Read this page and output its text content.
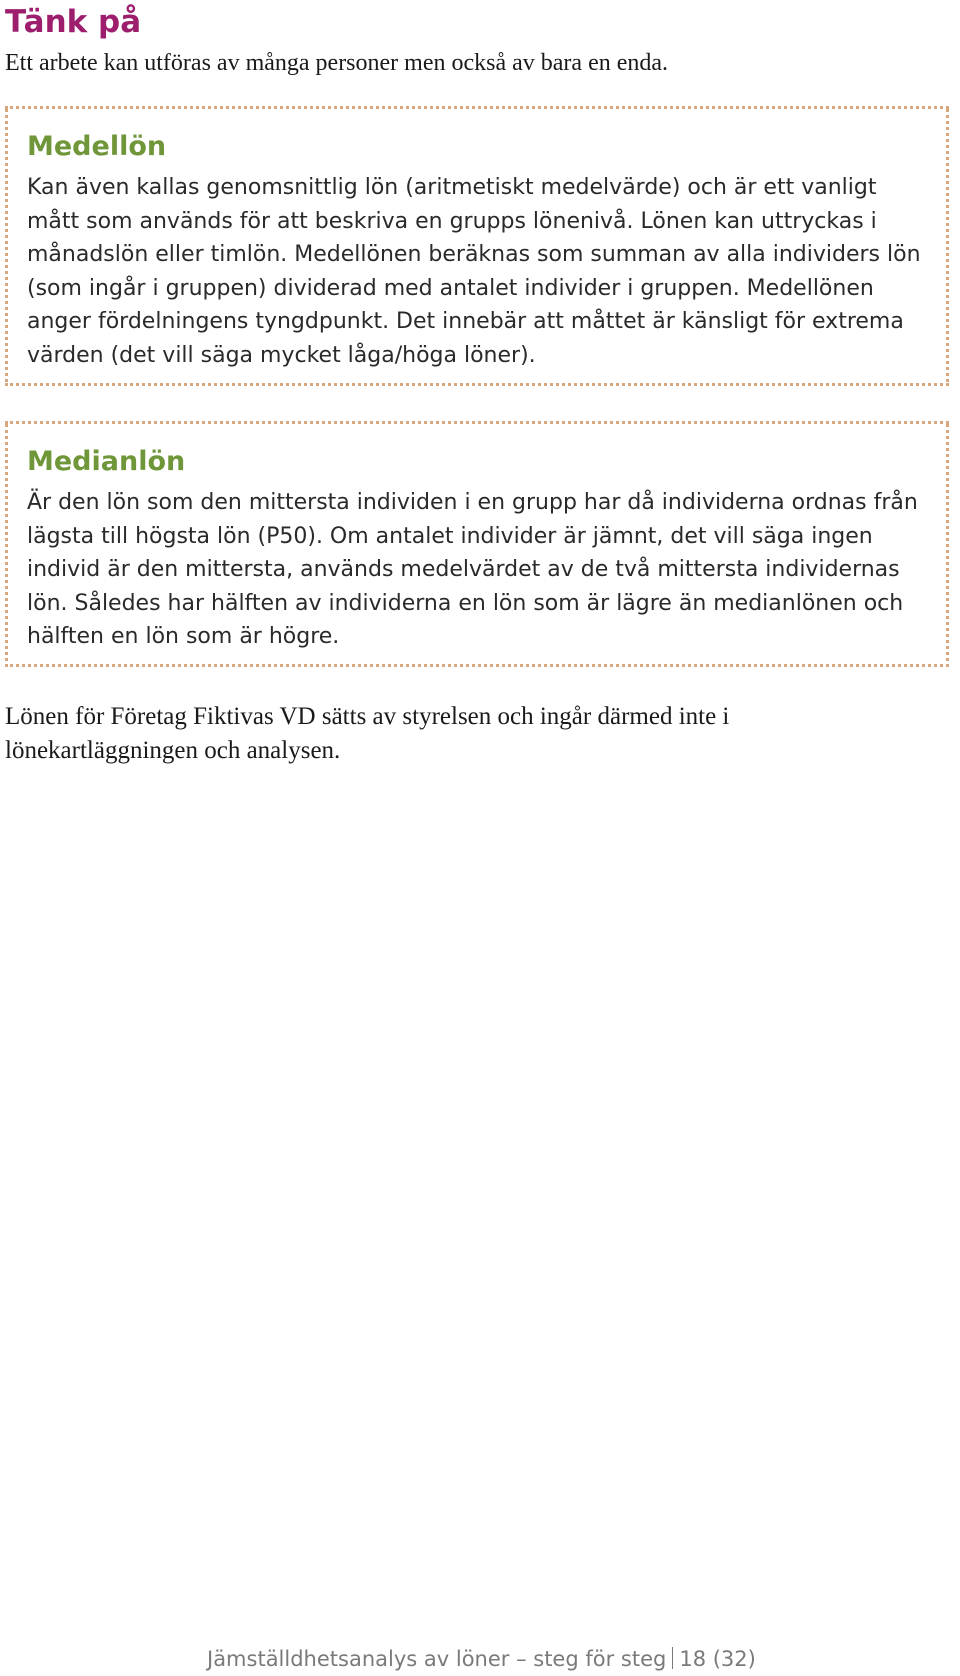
Tänk på

Ett arbete kan utföras av många personer men också av bara en enda.

Medellön

Kan även kallas genomsnittlig lön (aritmetiskt medelvärde) och är ett vanligt mått som används för att beskriva en grupps lönenivå. Lönen kan uttryckas i månadslön eller timlön. Medellönen beräknas som summan av alla individers lön (som ingår i gruppen) dividerad med antalet individer i gruppen. Medellönen anger fördelningens tyngdpunkt. Det innebär att måttet är känsligt för extrema värden (det vill säga mycket låga/höga löner).

Medianlön

Är den lön som den mittersta individen i en grupp har då individerna ordnas från lägsta till högsta lön (P50). Om antalet individer är jämnt, det vill säga ingen individ är den mittersta, används medelvärdet av de två mittersta individernas lön. Således har hälften av individerna en lön som är lägre än medianlönen och hälften en lön som är högre.

Lönen för Företag Fiktivas VD sätts av styrelsen och ingår därmed inte i lönekartläggningen och analysen.

Jämställdhetsanalys av löner – steg för steg 18 (32)
